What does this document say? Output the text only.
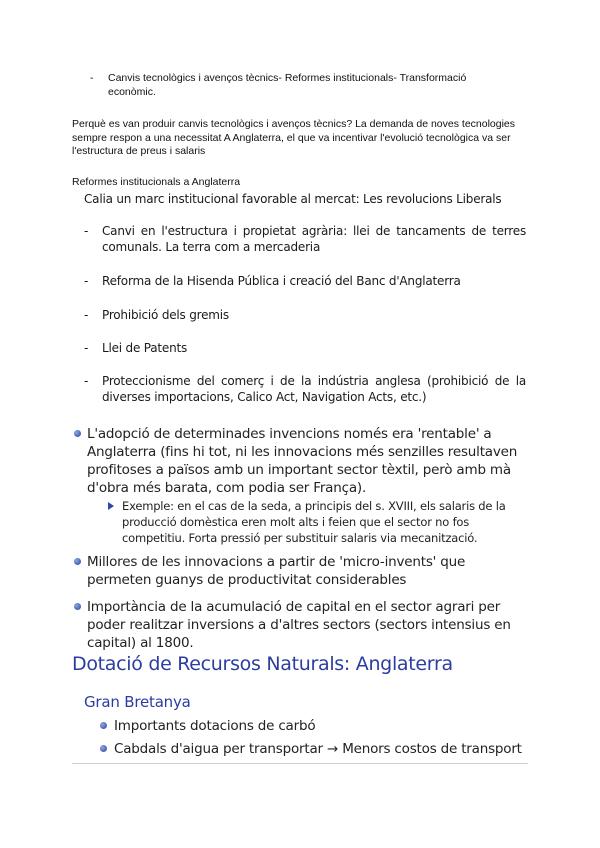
- Canvis tecnològics i avenços tècnics- Reformes institucionals- Transformació econòmic.
Perquè es van produir canvis tecnològics i avenços tècnics? La demanda de noves tecnologies sempre respon a una necessitat A Anglaterra, el que va incentivar l'evolució tecnològica va ser l'estructura de preus i salaris
Reformes institucionals a Anglaterra
Calia un marc institucional favorable al mercat: Les revolucions Liberals
- Canvi en l'estructura i propietat agrària: llei de tancaments de terres comunals. La terra com a mercaderia
- Reforma de la Hisenda Pública i creació del Banc d'Anglaterra
- Prohibició dels gremis
- Llei de Patents
- Proteccionisme del comerç i de la indústria anglesa (prohibició de la diverses importacions, Calico Act, Navigation Acts, etc.)
L'adopció de determinades invencions només era 'rentable' a Anglaterra (fins hi tot, ni les innovacions més senzilles resultaven profitoses a països amb un important sector tèxtil, però amb mà d'obra més barata, com podia ser França).
Exemple: en el cas de la seda, a principis del s. XVIII, els salaris de la producció domèstica eren molt alts i feien que el sector no fos competitiu. Forta pressió per substituir salaris via mecanització.
Millores de les innovacions a partir de 'micro-invents' que permeten guanys de productivitat considerables
Importància de la acumulació de capital en el sector agrari per poder realitzar inversions a d'altres sectors (sectors intensius en capital) al 1800.
Dotació de Recursos Naturals: Anglaterra
Gran Bretanya
Importants dotacions de carbó
Cabdals d'aigua per transportar → Menors costos de transport
